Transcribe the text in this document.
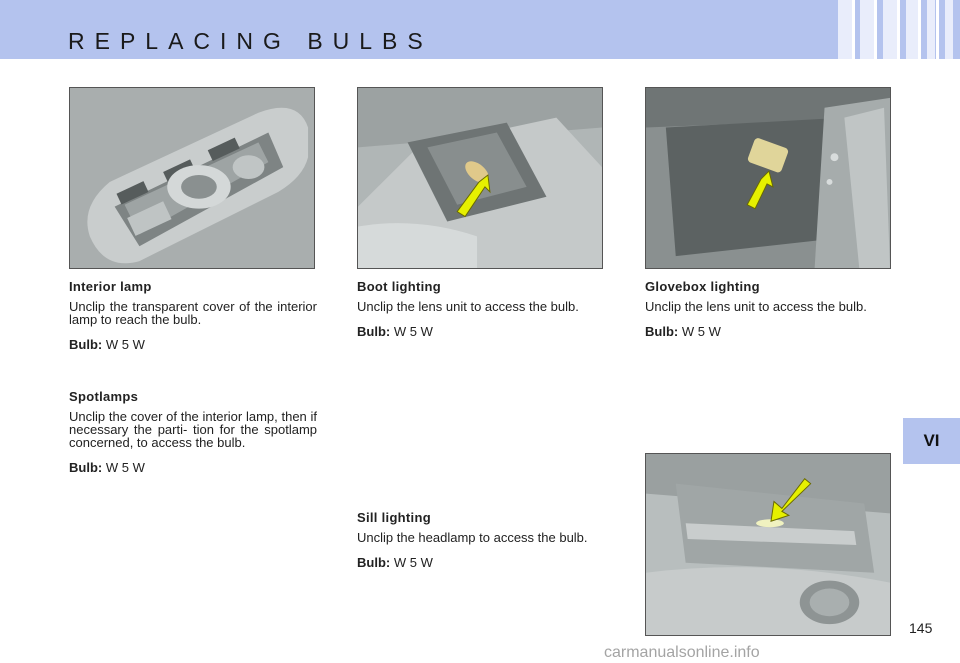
REPLACING BULBS
VI

Interior lamp

Unclip the transparent cover of the interior lamp to reach the bulb.

Bulb: W 5 W

Spotlamps

Unclip the cover of the interior lamp, then if necessary the parti- tion for the spotlamp concerned, to access the bulb.

Bulb: W 5 W

Boot lighting

Unclip the lens unit to access the bulb.

Bulb: W 5 W

Sill lighting

Unclip the headlamp to access the bulb.

Bulb: W 5 W

Glovebox lighting

Unclip the lens unit to access the bulb.

Bulb: W 5 W

145
carmanualsonline.info
